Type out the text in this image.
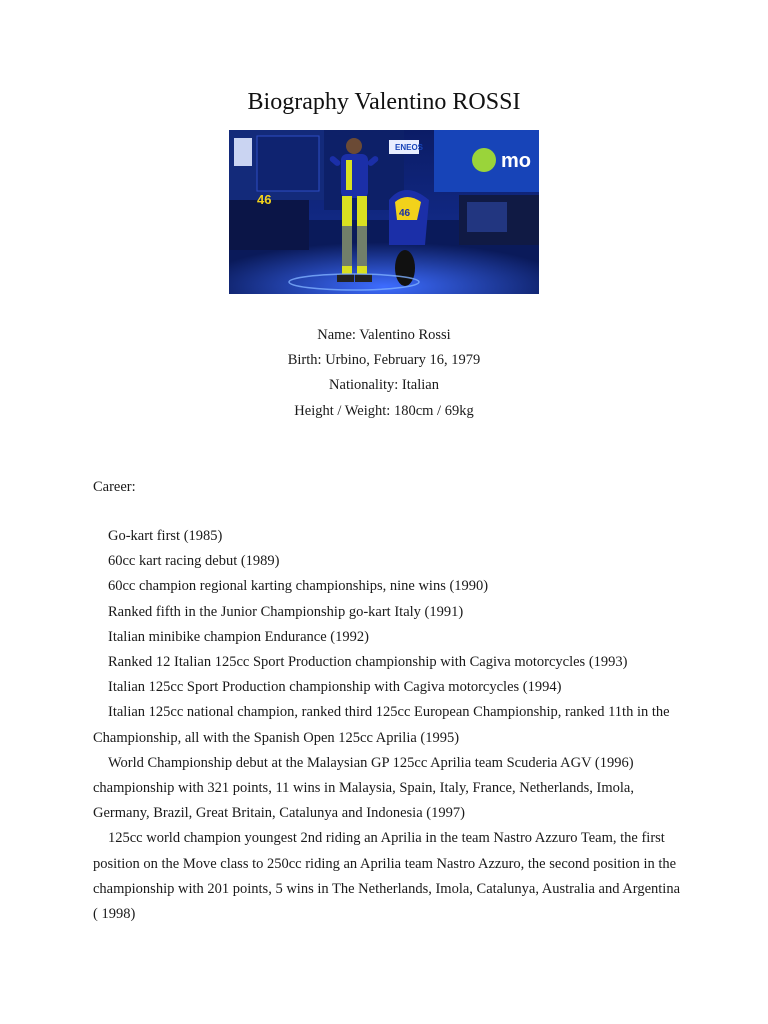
Biography Valentino ROSSI
mo
ENEOS
46
46
Name: Valentino Rossi
Birth: Urbino, February 16, 1979
Nationality: Italian
Height / Weight: 180cm / 69kg
Career:

Go-kart first (1985)

60cc kart racing debut (1989)

60cc champion regional karting championships, nine wins (1990)

Ranked fifth in the Junior Championship go-kart Italy (1991)

Italian minibike champion Endurance (1992)

Ranked 12 Italian 125cc Sport Production championship with Cagiva motorcycles (1993)

Italian 125cc Sport Production championship with Cagiva motorcycles (1994)

Italian 125cc national champion, ranked third 125cc European Championship, ranked 11th in the Championship, all with the Spanish Open 125cc Aprilia (1995)

World Championship debut at the Malaysian GP 125cc Aprilia team Scuderia AGV (1996) championship with 321 points, 11 wins in Malaysia, Spain, Italy, France, Netherlands, Imola, Germany, Brazil, Great Britain, Catalunya and Indonesia (1997)

125cc world champion youngest 2nd riding an Aprilia in the team Nastro Azzuro Team, the first position on the Move class to 250cc riding an Aprilia team Nastro Azzuro, the second position in the championship with 201 points, 5 wins in The Netherlands, Imola, Catalunya, Australia and Argentina ( 1998)
